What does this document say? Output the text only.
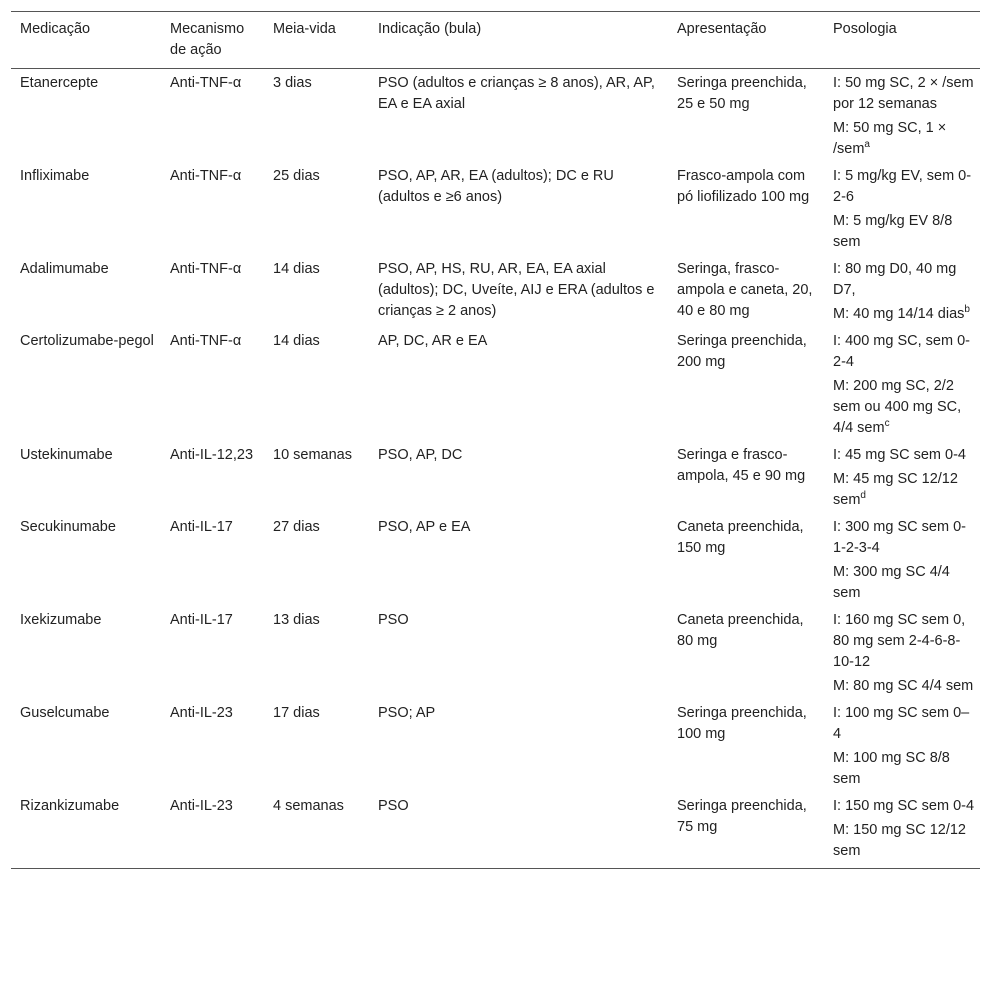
Medicação	Mecanismo de ação	Meia-vida	Indicação (bula)	Apresentação	Posologia
Etanercepte	Anti-TNF-α	3 dias	PSO (adultos e crianças ≥ 8 anos), AR, AP, EA e EA axial	Seringa preenchida, 25 e 50 mg	I: 50 mg SC, 2 × /sem por 12 semanas
M: 50 mg SC, 1 × /sem$^a$

Infliximabe	Anti-TNF-α	25 dias	PSO, AP, AR, EA (adultos); DC e RU (adultos e ≥6 anos)	Frasco-ampola com pó liofilizado 100 mg	I: 5 mg/kg EV, sem 0-2-6
M: 5 mg/kg EV 8/8 sem

Adalimumabe	Anti-TNF-α	14 dias	PSO, AP, HS, RU, AR, EA, EA axial (adultos); DC, Uveíte, AIJ e ERA (adultos e crianças ≥ 2 anos)	Seringa, frasco-ampola e caneta, 20, 40 e 80 mg	I: 80 mg D0, 40 mg D7,
M: 40 mg 14/14 dias$^b$

Certolizumabe-pegol	Anti-TNF-α	14 dias	AP, DC, AR e EA	Seringa preenchida, 200 mg	I: 400 mg SC, sem 0-2-4
M: 200 mg SC, 2/2 sem ou 400 mg SC, 4/4 sem$^c$

Ustekinumabe	Anti-IL-12,23	10 semanas	PSO, AP, DC	Seringa e frasco-ampola, 45 e 90 mg	I: 45 mg SC sem 0-4
M: 45 mg SC 12/12 sem$^d$

Secukinumabe	Anti-IL-17	27 dias	PSO, AP e EA	Caneta preenchida, 150 mg	I: 300 mg SC sem 0-1-2-3-4
M: 300 mg SC 4/4 sem

Ixekizumabe	Anti-IL-17	13 dias	PSO	Caneta preenchida, 80 mg	I: 160 mg SC sem 0, 80 mg sem 2-4-6-8-10-12
M: 80 mg SC 4/4 sem

Guselcumabe	Anti-IL-23	17 dias	PSO; AP	Seringa preenchida, 100 mg	I: 100 mg SC sem 0–4
M: 100 mg SC 8/8 sem

Rizankizumabe	Anti-IL-23	4 semanas	PSO	Seringa preenchida, 75 mg	I: 150 mg SC sem 0-4
M: 150 mg SC 12/12 sem
